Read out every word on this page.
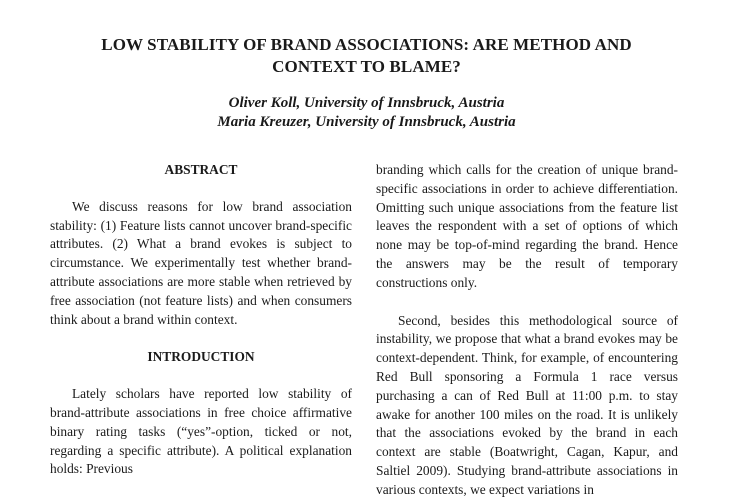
LOW STABILITY OF BRAND ASSOCIATIONS: ARE METHOD AND
CONTEXT TO BLAME?
Oliver Koll, University of Innsbruck, Austria
Maria Kreuzer, University of Innsbruck, Austria

ABSTRACT

We discuss reasons for low brand association stability: (1) Feature lists cannot uncover brand-specific attributes. (2) What a brand evokes is subject to circumstance. We experimentally test whether brand-attribute associations are more stable when retrieved by free association (not feature lists) and when consumers think about a brand within context.

INTRODUCTION

Lately scholars have reported low stability of brand-attribute associations in free choice affirmative binary rating tasks (“yes”-option, ticked or not, regarding a specific attribute). A political explanation holds: Previous

branding which calls for the creation of unique brand-specific associations in order to achieve differentiation. Omitting such unique associations from the feature list leaves the respondent with a set of options of which none may be top-of-mind regarding the brand. Hence the answers may be the result of temporary constructions only.

Second, besides this methodological source of instability, we propose that what a brand evokes may be context-dependent. Think, for example, of encountering Red Bull sponsoring a Formula 1 race versus purchasing a can of Red Bull at 11:00 p.m. to stay awake for another 100 miles on the road. It is unlikely that the associations evoked by the brand in each context are stable (Boatwright, Cagan, Kapur, and Saltiel 2009). Studying brand-attribute associations in various contexts, we expect variations in
